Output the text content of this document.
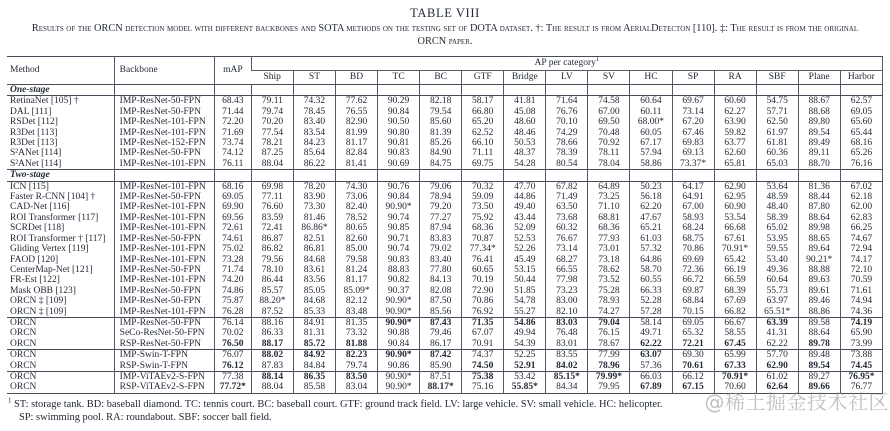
TABLE VIII
Results of the ORCN detection model with different backbones and SOTA methods on the testing set of DOTA dataset. †: The result is from AerialDetecton [110]. ‡: The result is from the original ORCN paper.
Method	Backbone	mAP	AP per category$^1$
			Ship	ST	BD	TC	BC	GTF	Bridge	LV	SV	HC	SP	RA	SBF	Plane	Harbor
One-stage																	
RetinaNet [105] †	IMP-ResNet-50-FPN	68.43	79.11	74.32	77.62	90.29	82.18	58.17	41.81	71.64	74.58	60.64	69.67	60.60	54.75	88.67	62.57
DAL [111]	IMP-ResNet-50-FPN	71.44	79.74	78.45	76.55	90.84	79.54	66.80	45.08	76.76	67.00	60.11	73.14	62.27	57.71	88.68	69.05
RSDet [112]	IMP-ResNet-101-FPN	72.20	70.20	83.40	82.90	90.50	85.60	65.20	48.60	70.10	69.50	68.00*	67.20	63.90	62.50	89.80	65.60
R3Det [113]	IMP-ResNet-101-FPN	71.69	77.54	83.54	81.99	90.80	81.39	62.52	48.46	74.29	70.48	60.05	67.46	59.82	61.97	89.54	65.44
R3Det [113]	IMP-ResNet-152-FPN	73.74	78.21	84.23	81.17	90.81	85.26	66.10	50.53	78.66	70.92	67.17	69.83	63.77	61.81	89.49	68.16
S²ANet [114]	IMP-ResNet-50-FPN	74.12	87.25	85.64	82.84	90.83	84.90	71.11	48.37	78.39	78.11	57.94	69.13	62.60	60.36	89.11	65.26
S²ANet [114]	IMP-ResNet-101-FPN	76.11	88.04	86.22	81.41	90.69	84.75	69.75	54.28	80.54	78.04	58.86	73.37*	65.81	65.03	88.70	76.16
Two-stage																	
ICN [115]	IMP-ResNet-101-FPN	68.16	69.98	78.20	74.30	90.76	79.06	70.32	47.70	67.82	64.89	50.23	64.17	62.90	53.64	81.36	67.02
Faster R-CNN [104] †	IMP-ResNet-50-FPN	69.05	77.11	83.90	73.06	90.84	78.94	59.09	44.86	71.49	73.25	56.18	64.91	62.95	48.59	88.44	62.18
CAD-Net [116]	IMP-ResNet-101-FPN	69.90	76.60	73.30	82.40	90.90*	79.20	73.50	49.40	63.50	71.10	62.20	67.00	60.90	48.40	87.80	62.00
ROI Transformer [117]	IMP-ResNet-101-FPN	69.56	83.59	81.46	78.52	90.74	77.27	75.92	43.44	73.68	68.81	47.67	58.93	53.54	58.39	88.64	62.83
SCRDet [118]	IMP-ResNet-101-FPN	72.61	72.41	86.86*	80.65	90.85	87.94	68.36	52.09	60.32	68.36	65.21	68.24	66.68	65.02	89.98	66.25
ROI Transformer † [117]	IMP-ResNet-50-FPN	74.61	86.87	82.51	82.60	90.71	83.83	70.87	52.53	76.67	77.93	61.03	68.75	67.61	53.95	88.65	74.67
Gliding Vertex [119]	IMP-ResNet-101-FPN	75.02	86.82	86.81	85.00	90.74	79.02	77.34*	52.26	73.14	73.01	57.32	70.86	70.91*	59.55	89.64	72.94
FAOD [120]	IMP-ResNet-101-FPN	73.28	79.56	84.68	79.58	90.83	83.40	76.41	45.49	68.27	73.18	64.86	69.69	65.42	53.40	90.21*	74.17
CenterMap-Net [121]	IMP-ResNet-50-FPN	71.74	78.10	83.61	81.24	88.83	77.80	60.65	53.15	66.55	78.62	58.70	72.36	66.19	49.36	88.88	72.10
FR-Est [122]	IMP-ResNet-101-FPN	74.20	86.44	83.56	81.17	90.82	84.13	70.19	50.44	77.98	73.52	60.55	66.72	66.59	60.64	89.63	70.59
Mask OBB [123]	IMP-ResNet-50-FPN	74.86	85.57	85.05	85.09*	90.37	82.08	72.90	51.85	73.23	75.28	66.33	69.87	68.39	55.73	89.61	71.61
ORCN ‡ [109]	IMP-ResNet-50-FPN	75.87	88.20*	84.68	82.12	90.90*	87.50	70.86	54.78	83.00	78.93	52.28	68.84	67.69	63.97	89.46	74.94
ORCN ‡ [109]	IMP-ResNet-101-FPN	76.28	87.52	85.33	83.48	90.90*	85.56	76.92	55.27	82.10	74.27	57.28	70.15	66.82	65.51*	88.86	74.36
ORCN	IMP-ResNet-50-FPN	76.14	88.16	84.91	81.35	90.90*	87.43	71.35	54.86	83.03	79.04	58.14	69.05	66.67	63.39	89.58	74.19
ORCN	SeCo-ResNet-50-FPN	70.02	86.33	81.31	73.32	90.88	79.46	67.07	49.94	76.48	76.15	49.71	65.32	58.55	41.31	88.64	65.90
ORCN	RSP-ResNet-50-FPN	76.50	88.17	85.72	81.88	90.84	86.17	70.91	54.39	83.01	78.67	62.22	72.21	67.45	62.22	89.78	73.99
ORCN	IMP-Swin-T-FPN	76.07	88.02	84.92	82.23	90.90*	87.42	74.37	52.25	83.55	77.99	63.07	69.30	65.99	57.70	89.48	73.88
ORCN	RSP-Swin-T-FPN	76.12	87.83	84.84	79.74	90.86	85.90	74.50	52.91	84.02	78.96	57.36	70.61	67.33	62.90	89.54	74.45
ORCN	IMP-ViTAEv2-S-FPN	77.38	88.14	86.35	83.50	90.90*	87.51	75.38	53.42	85.15*	79.99*	66.03	66.12	70.91*	61.02	89.27	76.95*
ORCN	RSP-ViTAEv2-S-FPN	77.72*	88.04	85.58	83.04	90.90*	88.17*	75.16	55.85*	84.34	79.95	67.89	67.15	70.60	62.64	89.66	76.77
$^1$ ST: storage tank. BD: baseball diamond. TC: tennis court. BC: baseball court. GTF: ground track field. LV: large vehicle. SV: small vehicle. HC: helicopter.
SP: swimming pool. RA: roundabout. SBF: soccer ball field.
@稀土掘金技术社区
